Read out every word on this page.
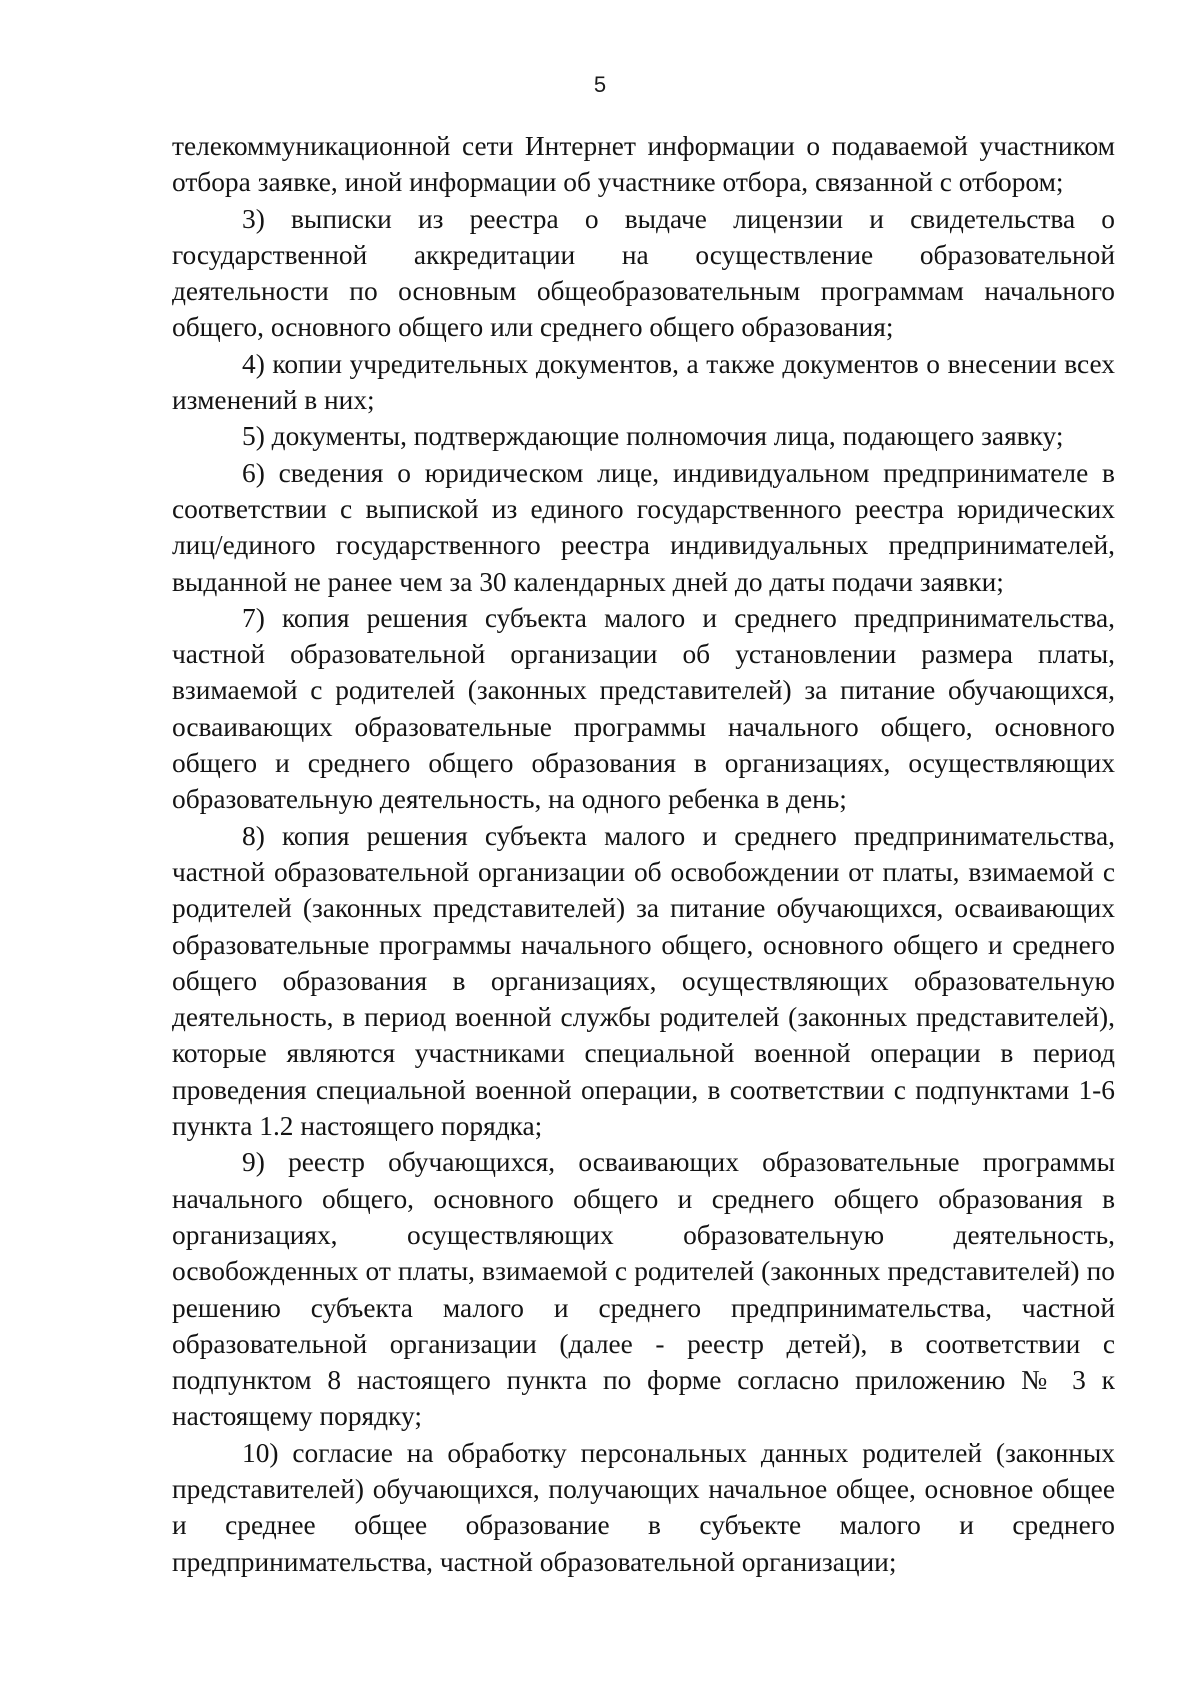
5

телекоммуникационной сети Интернет информации о подаваемой участником отбора заявке, иной информации об участнике отбора, связанной с отбором;

3) выписки из реестра о выдаче лицензии и свидетельства о государственной аккредитации на осуществление образовательной деятельности по основным общеобразовательным программам начального общего, основного общего или среднего общего образования;

4) копии учредительных документов, а также документов о внесении всех изменений в них;

5) документы, подтверждающие полномочия лица, подающего заявку;

6) сведения о юридическом лице, индивидуальном предпринимателе в соответствии с выпиской из единого государственного реестра юридических лиц/единого государственного реестра индивидуальных предпринимателей, выданной не ранее чем за 30 календарных дней до даты подачи заявки;

7) копия решения субъекта малого и среднего предпринимательства, частной образовательной организации об установлении размера платы, взимаемой с родителей (законных представителей) за питание обучающихся, осваивающих образовательные программы начального общего, основного общего и среднего общего образования в организациях, осуществляющих образовательную деятельность, на одного ребенка в день;

8) копия решения субъекта малого и среднего предпринимательства, частной образовательной организации об освобождении от платы, взимаемой с родителей (законных представителей) за питание обучающихся, осваивающих образовательные программы начального общего, основного общего и среднего общего образования в организациях, осуществляющих образовательную деятельность, в период военной службы родителей (законных представителей), которые являются участниками специальной военной операции в период проведения специальной военной операции, в соответствии с подпунктами 1-6 пункта 1.2 настоящего порядка;

9) реестр обучающихся, осваивающих образовательные программы начального общего, основного общего и среднего общего образования в организациях, осуществляющих образовательную деятельность, освобожденных от платы, взимаемой с родителей (законных представителей) по решению субъекта малого и среднего предпринимательства, частной образовательной организации (далее - реестр детей), в соответствии с подпунктом 8 настоящего пункта по форме согласно приложению № 3 к настоящему порядку;

10) согласие на обработку персональных данных родителей (законных представителей) обучающихся, получающих начальное общее, основное общее и среднее общее образование в субъекте малого и среднего предпринимательства, частной образовательной организации;
